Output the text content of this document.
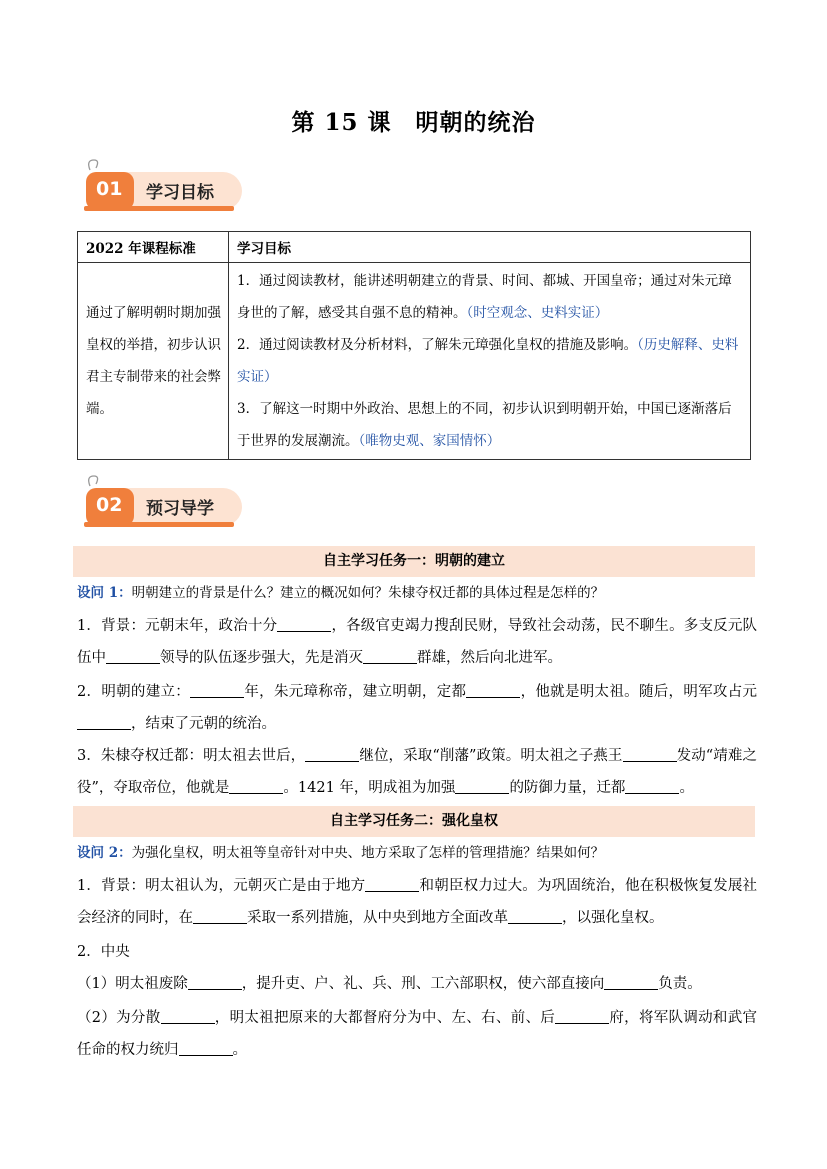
第 15 课　明朝的统治
01 学习目标
2022 年课程标准	学习目标
通过了解明朝时期加强皇权的举措，初步认识君主专制带来的社会弊端。	1．通过阅读教材，能讲述明朝建立的背景、时间、都城、开国皇帝；通过对朱元璋身世的了解，感受其自强不息的精神。（时空观念、史料实证）
2．通过阅读教材及分析材料，了解朱元璋强化皇权的措施及影响。（历史解释、史料实证）
3．了解这一时期中外政治、思想上的不同，初步认识到明朝开始，中国已逐渐落后于世界的发展潮流。（唯物史观、家国情怀）
02 预习导学
自主学习任务一：明朝的建立
设问 1：明朝建立的背景是什么？建立的概况如何？朱棣夺权迁都的具体过程是怎样的？
1．背景：元朝末年，政治十分	，各级官吏竭力搜刮民财，导致社会动荡，民不聊生。多支反元队伍中	领导的队伍逐步强大，先是消灭	群雄，然后向北进军。
2．明朝的建立：	年，朱元璋称帝，建立明朝，定都	，他就是明太祖。随后，明军攻占元，结束了元朝的统治。
3．朱棣夺权迁都：明太祖去世后，	继位，采取“削藩”政策。明太祖之子燕王	发动“靖难之役”，夺取帝位，他就是	。1421 年，明成祖为加强	的防御力量，迁都	。
自主学习任务二：强化皇权
设问 2：为强化皇权，明太祖等皇帝针对中央、地方采取了怎样的管理措施？结果如何？
1．背景：明太祖认为，元朝灭亡是由于地方	和朝臣权力过大。为巩固统治，他在积极恢复发展社会经济的同时，在	采取一系列措施，从中央到地方全面改革	，以强化皇权。
2．中央
（1）明太祖废除	，提升吏、户、礼、兵、刑、工六部职权，使六部直接向	负责。
（2）为分散	，明太祖把原来的大都督府分为中、左、右、前、后	府，将军队调动和武官任命的权力统归	。
